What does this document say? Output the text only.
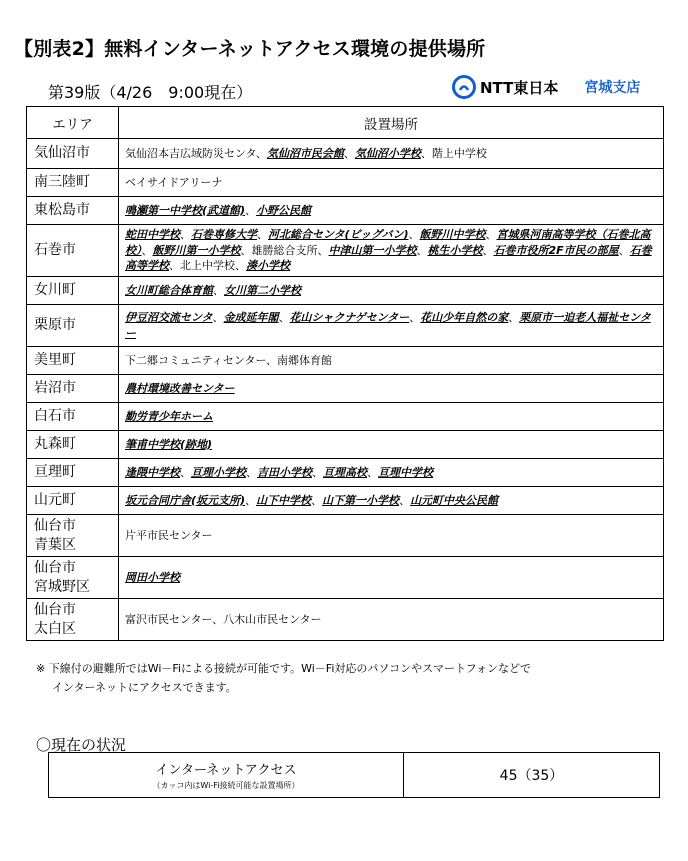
【別表2】無料インターネットアクセス環境の提供場所
第39版（4/26　9:00現在）	NTT東日本 宮城支店
エリア	設置場所
気仙沼市	気仙沼本吉広域防災センタ、気仙沼市民会館、気仙沼小学校、階上中学校
南三陸町	ベイサイドアリーナ
東松島市	鳴瀬第一中学校(武道館)、小野公民館
石巻市	蛇田中学校、石巻専修大学、河北総合センタ(ビッグバン)、飯野川中学校、宮城県河南高等学校（石巻北高校）、飯野川第一小学校、雄勝総合支所、中津山第一小学校、桃生小学校、石巻市役所2F市民の部屋、石巻高等学校、北上中学校、湊小学校
女川町	女川町総合体育館、女川第二小学校
栗原市	伊豆沼交流センタ、金成延年閣、花山シャクナゲセンター、花山少年自然の家、栗原市一迫老人福祉センター
美里町	下二郷コミュニティセンター、南郷体育館
岩沼市	農村環境改善センター
白石市	勤労青少年ホーム
丸森町	筆甫中学校(跡地)
亘理町	逢隈中学校、亘理小学校、吉田小学校、亘理高校、亘理中学校
山元町	坂元合同庁舎(坂元支所)、山下中学校、山下第一小学校、山元町中央公民館
仙台市
青葉区	片平市民センター
仙台市
宮城野区	岡田小学校
仙台市
太白区	富沢市民センター、八木山市民センター
※ 下線付の避難所ではWi－Fiによる接続が可能です。Wi－Fi対応のパソコンやスマートフォンなどで
インターネットにアクセスできます。
〇現在の状況
インターネットアクセス
（カッコ内はWi-Fi接続可能な設置場所）
	45（35）
